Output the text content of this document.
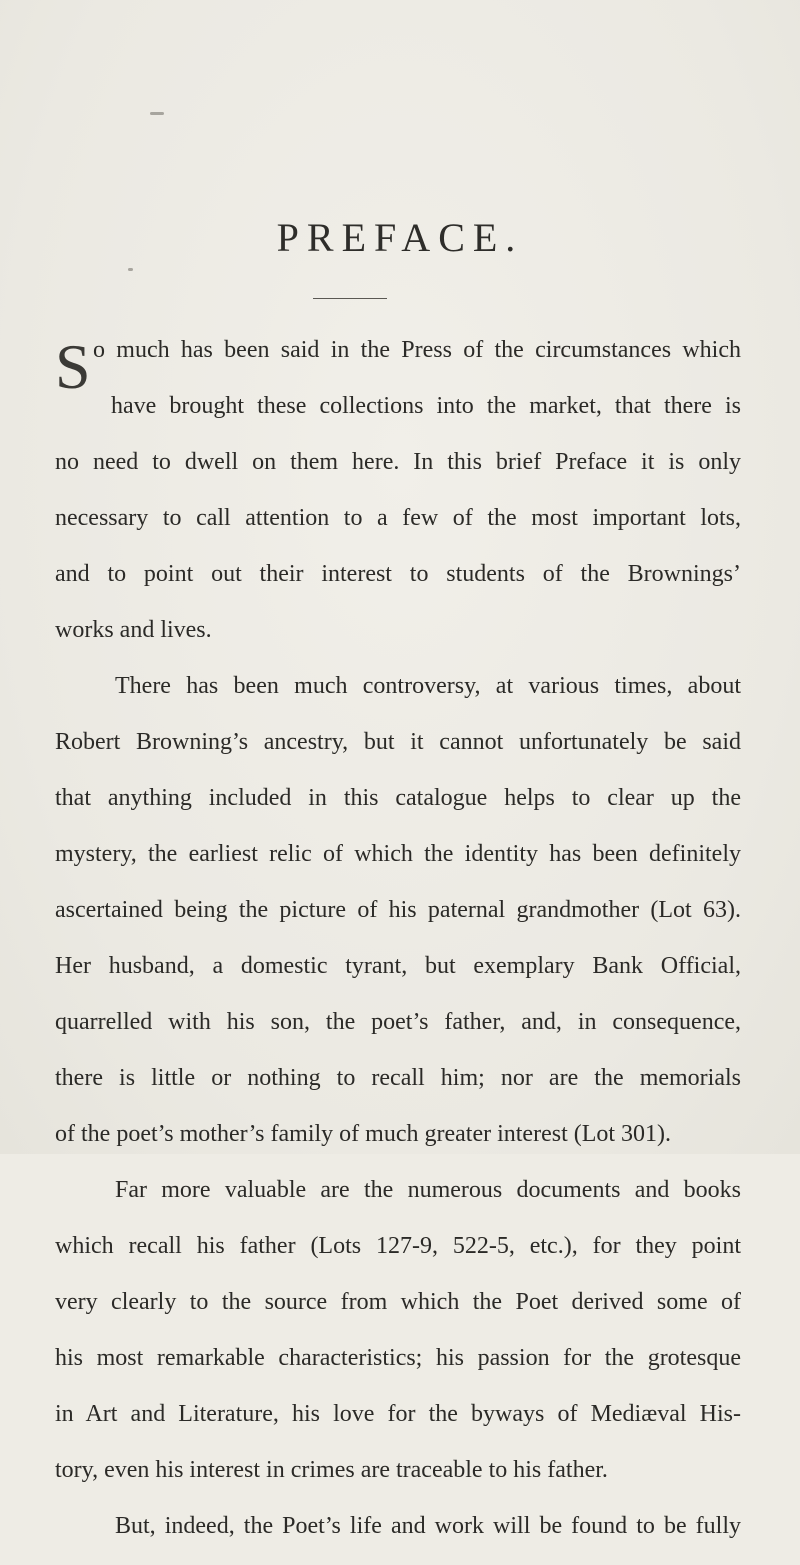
PREFACE.
S o much has been said in the Press of the circumstances which
have brought these collections into the market, that there is
no need to dwell on them here. In this brief Preface it is only
necessary to call attention to a few of the most important lots,
and to point out their interest to students of the Brownings’
works and lives.
There has been much controversy, at various times, about
Robert Browning’s ancestry, but it cannot unfortunately be said
that anything included in this catalogue helps to clear up the
mystery, the earliest relic of which the identity has been definitely
ascertained being the picture of his paternal grandmother (Lot 63).
Her husband, a domestic tyrant, but exemplary Bank Official,
quarrelled with his son, the poet’s father, and, in consequence,
there is little or nothing to recall him; nor are the memorials
of the poet’s mother’s family of much greater interest (Lot 301).
Far more valuable are the numerous documents and books
which recall his father (Lots 127-9, 522-5, etc.), for they point
very clearly to the source from which the Poet derived some of
his most remarkable characteristics; his passion for the grotesque
in Art and Literature, his love for the byways of Mediæval His-
tory, even his interest in crimes are traceable to his father.
But, indeed, the Poet’s life and work will be found to be fully
